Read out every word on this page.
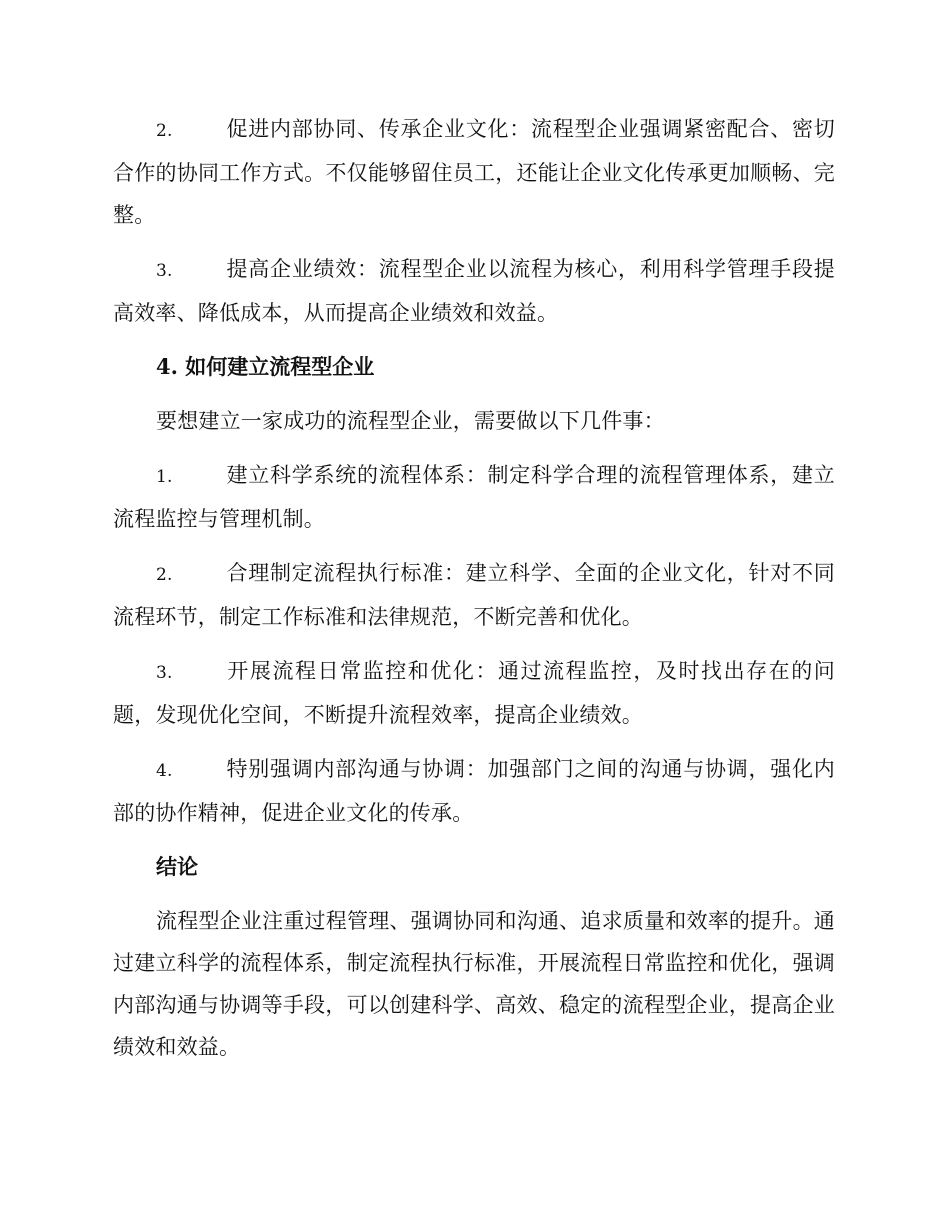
2.	促进内部协同、传承企业文化：流程型企业强调紧密配合、密切合作的协同工作方式。不仅能够留住员工，还能让企业文化传承更加顺畅、完整。

3.	提高企业绩效：流程型企业以流程为核心，利用科学管理手段提高效率、降低成本，从而提高企业绩效和效益。

4. 如何建立流程型企业

要想建立一家成功的流程型企业，需要做以下几件事：

1.	建立科学系统的流程体系：制定科学合理的流程管理体系，建立流程监控与管理机制。

2.	合理制定流程执行标准：建立科学、全面的企业文化，针对不同流程环节，制定工作标准和法律规范，不断完善和优化。

3.	开展流程日常监控和优化：通过流程监控，及时找出存在的问题，发现优化空间，不断提升流程效率，提高企业绩效。

4.	特别强调内部沟通与协调：加强部门之间的沟通与协调，强化内部的协作精神，促进企业文化的传承。

结论

流程型企业注重过程管理、强调协同和沟通、追求质量和效率的提升。通过建立科学的流程体系，制定流程执行标准，开展流程日常监控和优化，强调内部沟通与协调等手段，可以创建科学、高效、稳定的流程型企业，提高企业绩效和效益。
